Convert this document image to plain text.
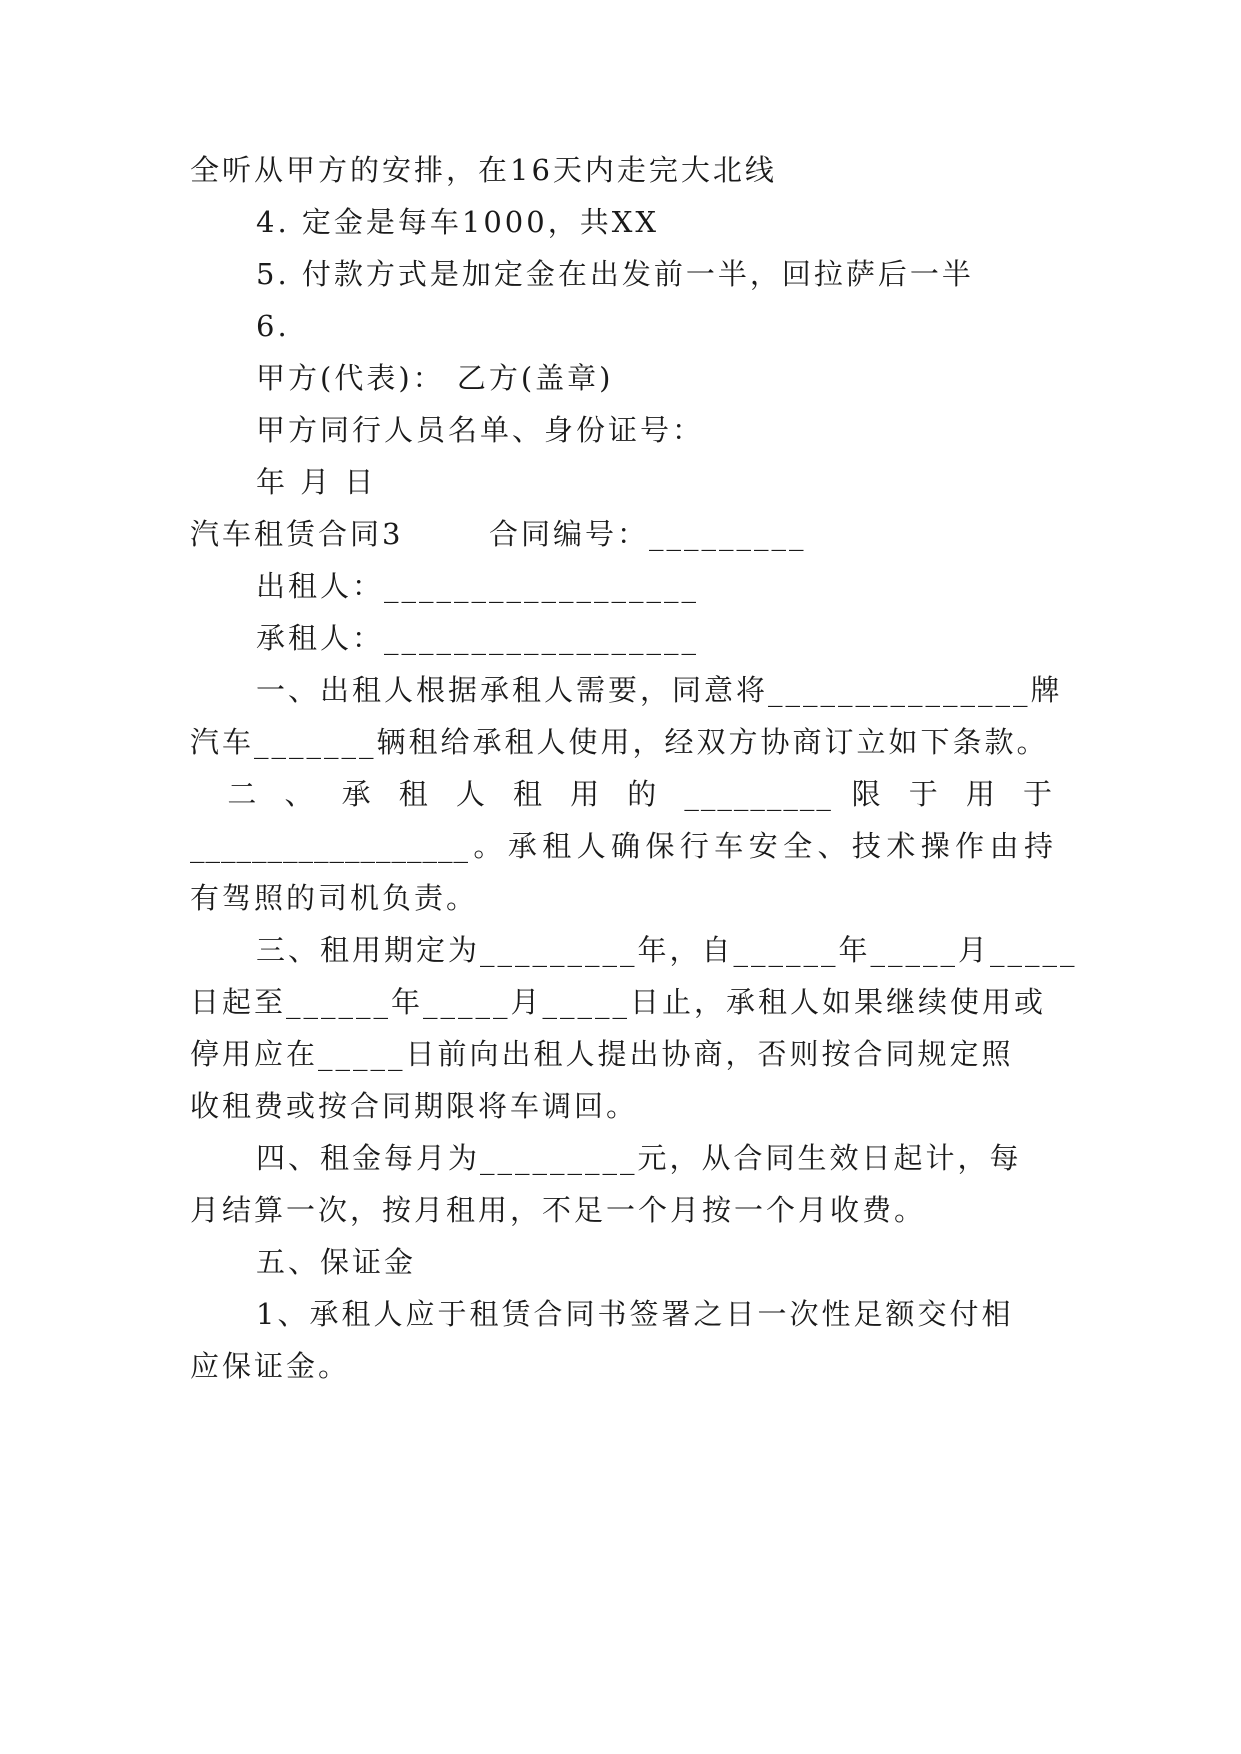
全听从甲方的安排，在16天内走完大北线
4. 定金是每车1000，共XX
5. 付款方式是加定金在出发前一半，回拉萨后一半
6.
甲方(代表)： 乙方(盖章)
甲方同行人员名单、身份证号：
年 月 日
汽车租赁合同3       合同编号：_________
出租人：__________________
承租人：__________________
一、出租人根据承租人需要，同意将_______________牌
汽车_______辆租给承租人使用，经双方协商订立如下条款。
二 、 承 租 人 租 用 的 _________ 限 于 用 于
__________________。承租人确保行车安全、技术操作由持
有驾照的司机负责。
三、租用期定为_________年，自______年_____月_____
日起至______年_____月_____日止，承租人如果继续使用或
停用应在_____日前向出租人提出协商，否则按合同规定照
收租费或按合同期限将车调回。
四、租金每月为_________元，从合同生效日起计，每
月结算一次，按月租用，不足一个月按一个月收费。
五、保证金
1、承租人应于租赁合同书签署之日一次性足额交付相
应保证金。
